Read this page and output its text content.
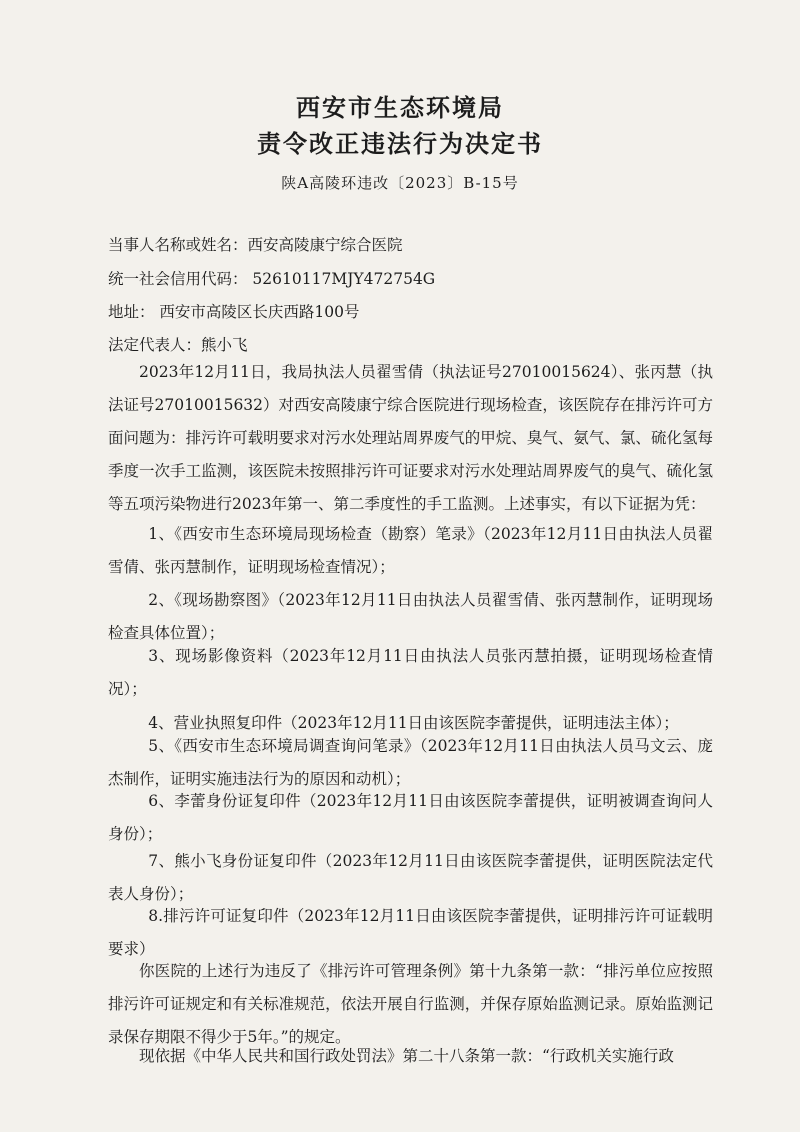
西安市生态环境局
责令改正违法行为决定书
陕A高陵环违改〔2023〕B-15号
当事人名称或姓名：西安高陵康宁综合医院
统一社会信用代码： 52610117MJY472754G
地址： 西安市高陵区长庆西路100号
法定代表人：熊小飞
2023年12月11日，我局执法人员翟雪倩（执法证号27010015624）、张丙慧（执法证号27010015632）对西安高陵康宁综合医院进行现场检查，该医院存在排污许可方面问题为：排污许可载明要求对污水处理站周界废气的甲烷、臭气、氨气、氯、硫化氢每季度一次手工监测，该医院未按照排污许可证要求对污水处理站周界废气的臭气、硫化氢等五项污染物进行2023年第一、第二季度性的手工监测。上述事实，有以下证据为凭：
1、《西安市生态环境局现场检查（勘察）笔录》（2023年12月11日由执法人员翟雪倩、张丙慧制作，证明现场检查情况）；
2、《现场勘察图》（2023年12月11日由执法人员翟雪倩、张丙慧制作，证明现场检查具体位置）；
3、现场影像资料（2023年12月11日由执法人员张丙慧拍摄，证明现场检查情况）；
4、营业执照复印件（2023年12月11日由该医院李蕾提供，证明违法主体）；
5、《西安市生态环境局调查询问笔录》（2023年12月11日由执法人员马文云、庞杰制作，证明实施违法行为的原因和动机）；
6、李蕾身份证复印件（2023年12月11日由该医院李蕾提供，证明被调查询问人身份）；
7、熊小飞身份证复印件（2023年12月11日由该医院李蕾提供，证明医院法定代表人身份）；
8.排污许可证复印件（2023年12月11日由该医院李蕾提供，证明排污许可证载明要求）
你医院的上述行为违反了《排污许可管理条例》第十九条第一款：“排污单位应按照排污许可证规定和有关标准规范，依法开展自行监测，并保存原始监测记录。原始监测记录保存期限不得少于5年。”的规定。
现依据《中华人民共和国行政处罚法》第二十八条第一款：“行政机关实施行政
